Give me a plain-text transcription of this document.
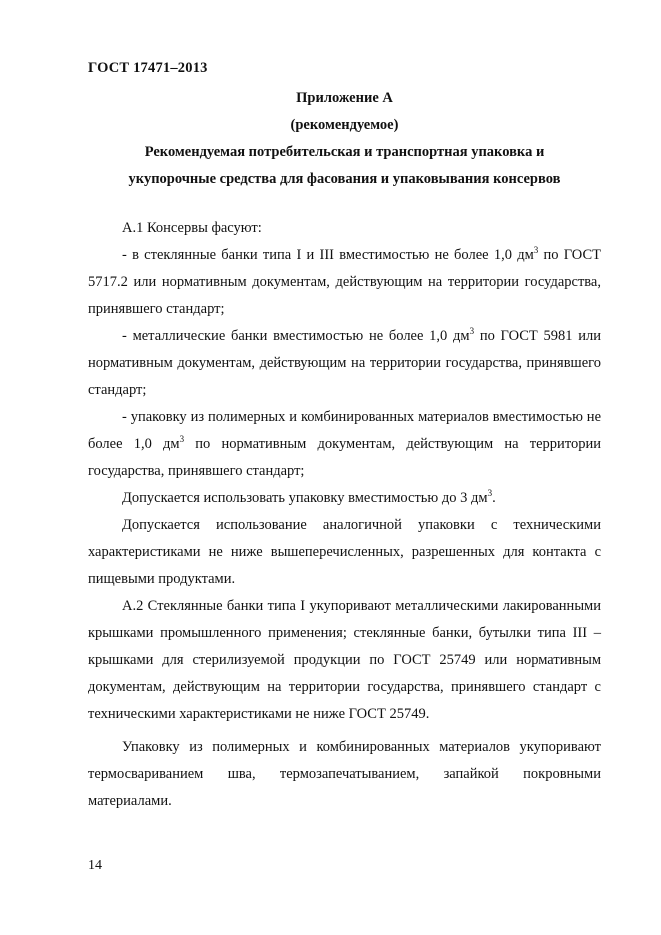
ГОСТ 17471–2013
Приложение А
(рекомендуемое)
Рекомендуемая потребительская и транспортная упаковка и
укупорочные средства для фасования и упаковывания консервов

А.1 Консервы фасуют:

- в стеклянные банки типа I и III вместимостью не более 1,0 $дм^3$ по ГОСТ 5717.2 или нормативным документам, действующим на территории государства, принявшего стандарт;

- металлические банки вместимостью не более 1,0 $дм^3$ по ГОСТ 5981 или нормативным документам, действующим на территории государства, принявшего стандарт;

- упаковку из полимерных и комбинированных материалов вместимостью не более 1,0 $дм^3$ по нормативным документам, действующим на территории государства, принявшего стандарт;

Допускается использовать упаковку вместимостью до 3 $дм^3$.

Допускается использование аналогичной упаковки с техническими характеристиками не ниже вышеперечисленных, разрешенных для контакта с пищевыми продуктами.

А.2 Стеклянные банки типа I укупоривают металлическими лакированными крышками промышленного применения; стеклянные банки, бутылки типа III – крышками для стерилизуемой продукции по ГОСТ 25749 или нормативным документам, действующим на территории государства, принявшего стандарт с техническими характеристиками не ниже ГОСТ 25749.

Упаковку из полимерных и комбинированных материалов укупоривают термосвариванием шва, термозапечатыванием, запайкой покровными материалами.

14
